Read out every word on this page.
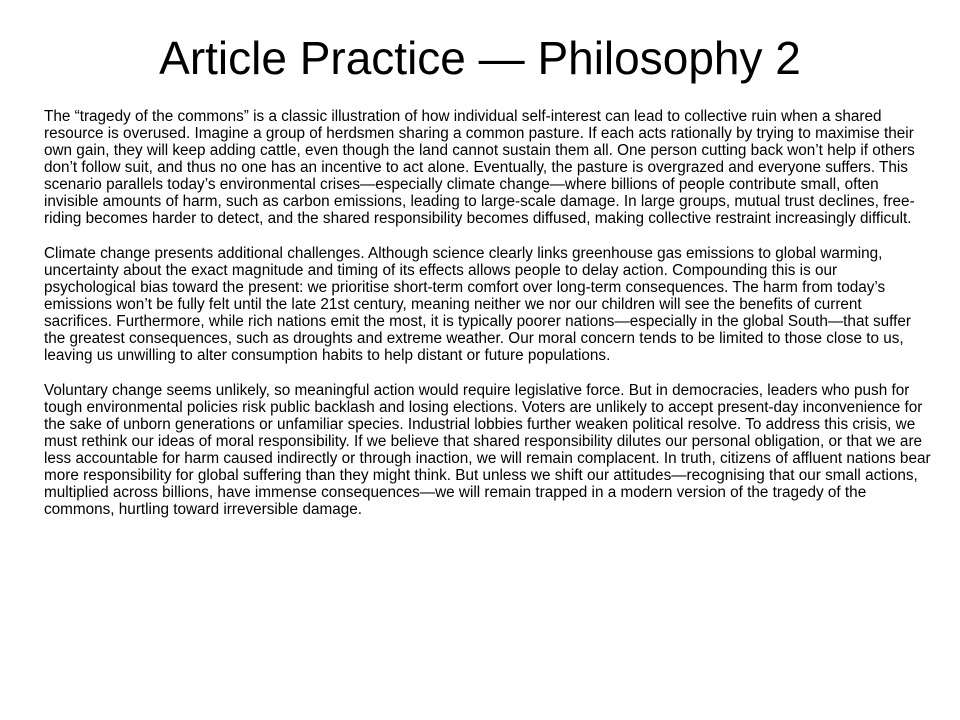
Article Practice — Philosophy 2

The “tragedy of the commons” is a classic illustration of how individual self-interest can lead to collective ruin when a shared resource is overused. Imagine a group of herdsmen sharing a common pasture. If each acts rationally by trying to maximise their own gain, they will keep adding cattle, even though the land cannot sustain them all. One person cutting back won’t help if others don’t follow suit, and thus no one has an incentive to act alone. Eventually, the pasture is overgrazed and everyone suffers. This scenario parallels today’s environmental crises—especially climate change—where billions of people contribute small, often invisible amounts of harm, such as carbon emissions, leading to large-scale damage. In large groups, mutual trust declines, free-riding becomes harder to detect, and the shared responsibility becomes diffused, making collective restraint increasingly difficult.

Climate change presents additional challenges. Although science clearly links greenhouse gas emissions to global warming, uncertainty about the exact magnitude and timing of its effects allows people to delay action. Compounding this is our psychological bias toward the present: we prioritise short-term comfort over long-term consequences. The harm from today’s emissions won’t be fully felt until the late 21st century, meaning neither we nor our children will see the benefits of current sacrifices. Furthermore, while rich nations emit the most, it is typically poorer nations—especially in the global South—that suffer the greatest consequences, such as droughts and extreme weather. Our moral concern tends to be limited to those close to us, leaving us unwilling to alter consumption habits to help distant or future populations.

Voluntary change seems unlikely, so meaningful action would require legislative force. But in democracies, leaders who push for tough environmental policies risk public backlash and losing elections. Voters are unlikely to accept present-day inconvenience for the sake of unborn generations or unfamiliar species. Industrial lobbies further weaken political resolve. To address this crisis, we must rethink our ideas of moral responsibility. If we believe that shared responsibility dilutes our personal obligation, or that we are less accountable for harm caused indirectly or through inaction, we will remain complacent. In truth, citizens of affluent nations bear more responsibility for global suffering than they might think. But unless we shift our attitudes—recognising that our small actions, multiplied across billions, have immense consequences—we will remain trapped in a modern version of the tragedy of the commons, hurtling toward irreversible damage.
